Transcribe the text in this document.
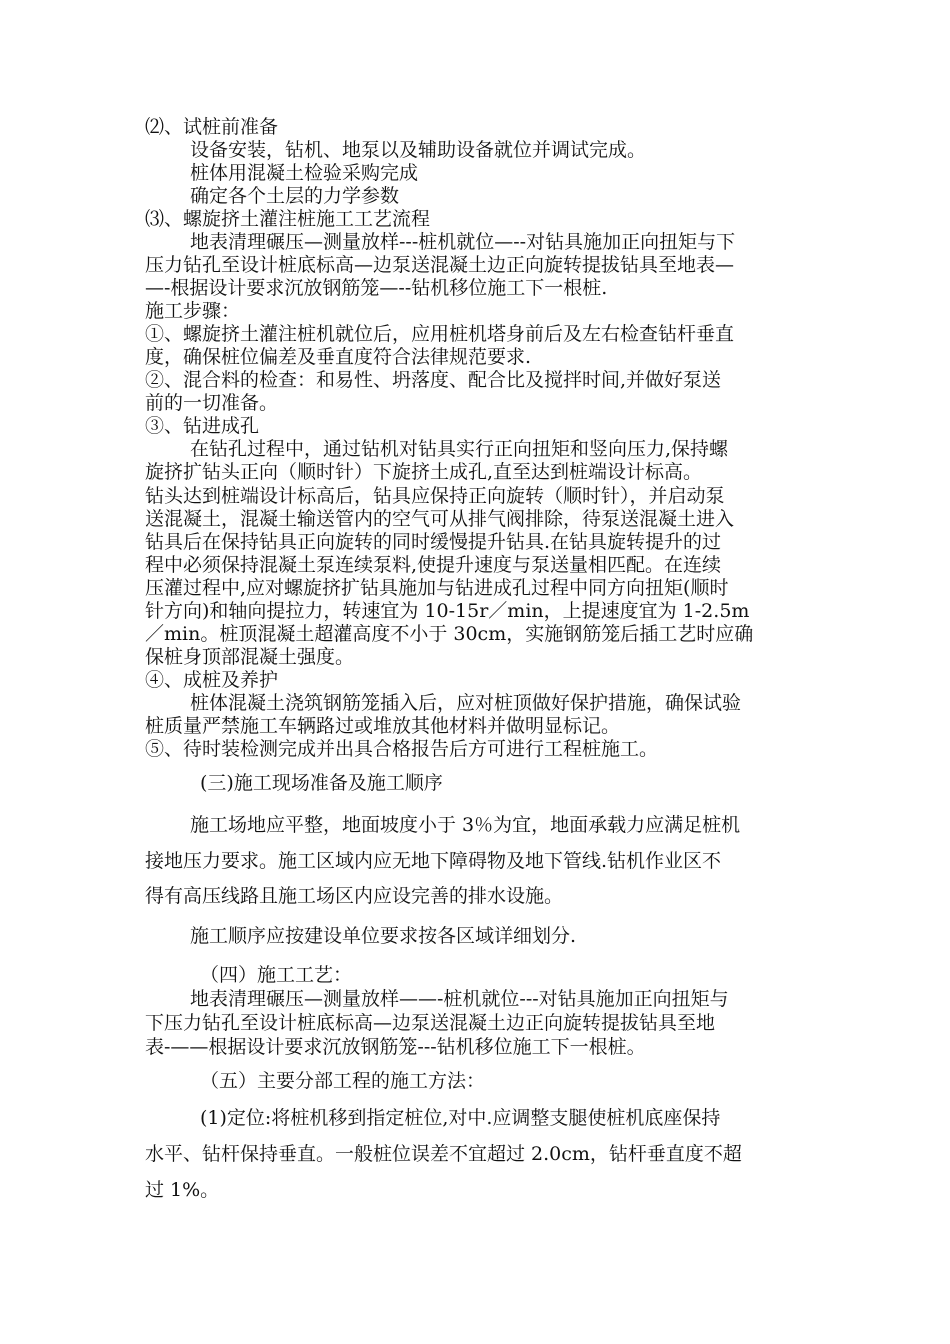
⑵、试桩前准备
设备安装，钻机、地泵以及辅助设备就位并调试完成。
桩体用混凝土检验采购完成
确定各个土层的力学参数
⑶、螺旋挤土灌注桩施工工艺流程
地表清理碾压—测量放样---桩机就位—--对钻具施加正向扭矩与下
压力钻孔至设计桩底标高—边泵送混凝土边正向旋转提拔钻具至地表—
—-根据设计要求沉放钢筋笼—--钻机移位施工下一根桩.
施工步骤：
①、螺旋挤土灌注桩机就位后，应用桩机塔身前后及左右检查钻杆垂直
度，确保桩位偏差及垂直度符合法律规范要求.
②、混合料的检查：和易性、坍落度、配合比及搅拌时间,并做好泵送
前的一切准备。
③、钻进成孔
在钻孔过程中，通过钻机对钻具实行正向扭矩和竖向压力,保持螺
旋挤扩钻头正向（顺时针）下旋挤土成孔,直至达到桩端设计标高。
钻头达到桩端设计标高后，钻具应保持正向旋转（顺时针），并启动泵
送混凝土，混凝土输送管内的空气可从排气阀排除，待泵送混凝土进入
钻具后在保持钻具正向旋转的同时缓慢提升钻具.在钻具旋转提升的过
程中必须保持混凝土泵连续泵料,使提升速度与泵送量相匹配。在连续
压灌过程中,应对螺旋挤扩钻具施加与钻进成孔过程中同方向扭矩(顺时
针方向)和轴向提拉力，转速宜为 10-15r／min，上提速度宜为 1-2.5m
／min。桩顶混凝土超灌高度不小于 30cm，实施钢筋笼后插工艺时应确
保桩身顶部混凝土强度。
④、成桩及养护
桩体混凝土浇筑钢筋笼插入后，应对桩顶做好保护措施，确保试验
桩质量严禁施工车辆路过或堆放其他材料并做明显标记。
⑤、待时装检测完成并出具合格报告后方可进行工程桩施工。
(三)施工现场准备及施工顺序
施工场地应平整，地面坡度小于 3％为宜，地面承载力应满足桩机
接地压力要求。施工区域内应无地下障碍物及地下管线.钻机作业区不
得有高压线路且施工场区内应设完善的排水设施。
施工顺序应按建设单位要求按各区域详细划分.
（四）施工工艺：
地表清理碾压—测量放样——-桩机就位---对钻具施加正向扭矩与
下压力钻孔至设计桩底标高—边泵送混凝土边正向旋转提拔钻具至地
表-——根据设计要求沉放钢筋笼---钻机移位施工下一根桩。
（五）主要分部工程的施工方法：
(1)定位:将桩机移到指定桩位,对中.应调整支腿使桩机底座保持
水平、钻杆保持垂直。一般桩位误差不宜超过 2.0cm，钻杆垂直度不超
过 1%。
